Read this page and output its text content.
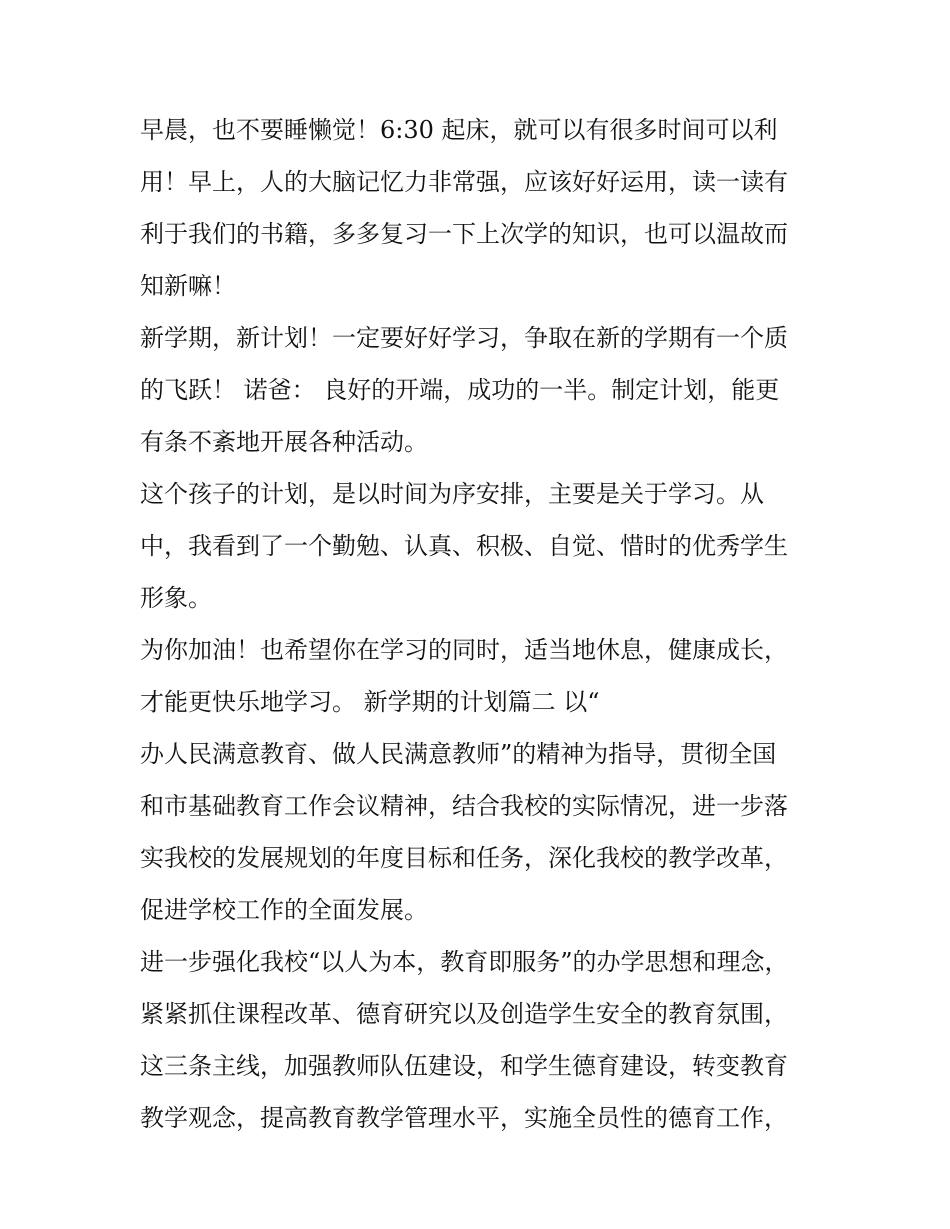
早晨，也不要睡懒觉！6:30 起床，就可以有很多时间可以利
用！早上，人的大脑记忆力非常强，应该好好运用，读一读有
利于我们的书籍，多多复习一下上次学的知识，也可以温故而
知新嘛！
新学期，新计划！一定要好好学习，争取在新的学期有一个质
的飞跃！ 诺爸： 良好的开端，成功的一半。制定计划，能更
有条不紊地开展各种活动。
这个孩子的计划，是以时间为序安排，主要是关于学习。从
中，我看到了一个勤勉、认真、积极、自觉、惜时的优秀学生
形象。
为你加油！也希望你在学习的同时，适当地休息，健康成长，
才能更快乐地学习。 新学期的计划篇二 以“
办人民满意教育、做人民满意教师”的精神为指导，贯彻全国
和市基础教育工作会议精神，结合我校的实际情况，进一步落
实我校的发展规划的年度目标和任务，深化我校的教学改革，
促进学校工作的全面发展。
进一步强化我校“以人为本，教育即服务”的办学思想和理念，
紧紧抓住课程改革、德育研究以及创造学生安全的教育氛围，
这三条主线，加强教师队伍建设，和学生德育建设，转变教育
教学观念，提高教育教学管理水平，实施全员性的德育工作，
